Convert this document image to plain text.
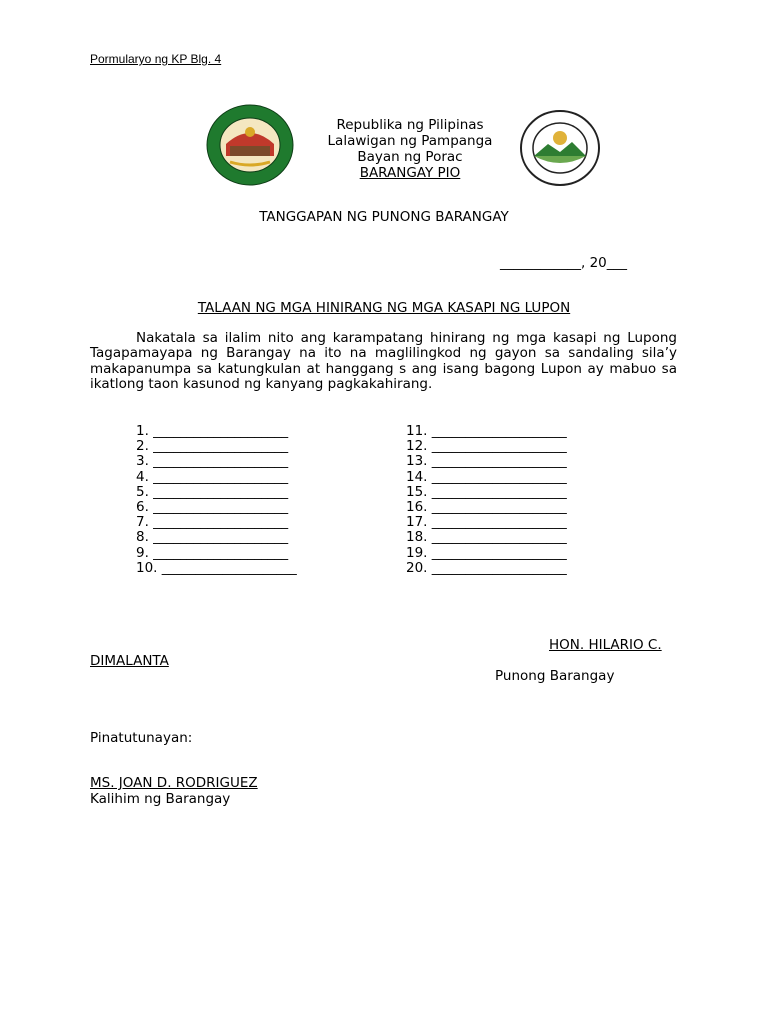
Pormularyo ng KP Blg. 4
Republika ng Pilipinas
Lalawigan ng Pampanga
Bayan ng Porac
BARANGAY PIO
TANGGAPAN NG PUNONG BARANGAY
____________, 20___
TALAAN NG MGA HINIRANG NG MGA KASAPI NG LUPON
Nakatala sa ilalim nito ang karampatang hinirang ng mga kasapi ng Lupong Tagapamayapa ng Barangay na ito na maglilingkod ng gayon sa sandaling sila’y makapanumpa sa katungkulan at hanggang s ang isang bagong Lupon ay mabuo sa ikatlong taon kasunod ng kanyang pagkakahirang.
1. ____________________
2. ____________________
3. ____________________
4. ____________________
5. ____________________
6. ____________________
7. ____________________
8. ____________________
9. ____________________
10. ____________________
11. ____________________
12. ____________________
13. ____________________
14. ____________________
15. ____________________
16. ____________________
17. ____________________
18. ____________________
19. ____________________
20. ____________________
HON. HILARIO C.
DIMALANTA
Punong Barangay
Pinatutunayan:
MS. JOAN D. RODRIGUEZ
Kalihim ng Barangay
